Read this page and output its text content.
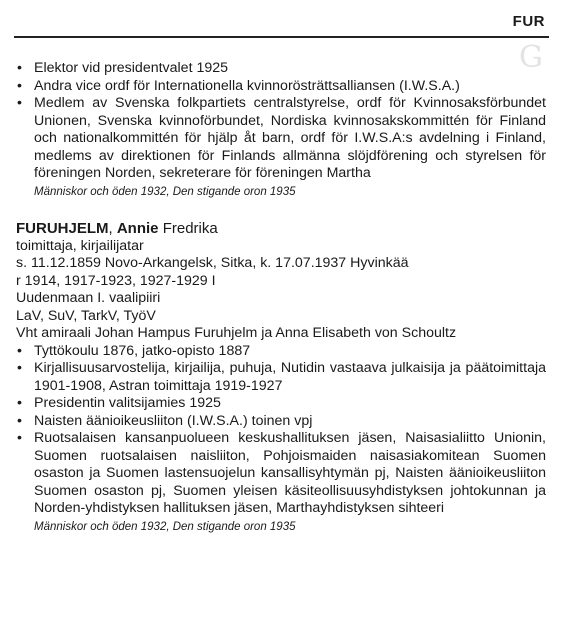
FUR
G
• Elektor vid presidentvalet 1925
• Andra vice ordf för Internationella kvinnorösträttsalliansen (I.W.S.A.)
• Medlem av Svenska folkpartiets centralstyrelse, ordf för Kvinnosaksförbundet Unionen, Svenska kvinnoförbundet, Nordiska kvinnosakskommittén för Finland och nationalkommittén för hjälp åt barn, ordf för I.W.S.A:s avdelning i Finland, medlems av direktionen för Finlands allmänna slöjdförening och styrelsen för föreningen Norden, sekreterare för föreningen Martha
Människor och öden 1932, Den stigande oron 1935
FURUHJELM, Annie Fredrika
toimittaja, kirjailijatar
s. 11.12.1859 Novo-Arkangelsk, Sitka, k. 17.07.1937 Hyvinkää
r 1914, 1917-1923, 1927-1929 I
Uudenmaan I. vaalipiiri
LaV, SuV, TarkV, TyöV
Vht amiraali Johan Hampus Furuhjelm ja Anna Elisabeth von Schoultz
• Tyttökoulu 1876, jatko-opisto 1887
• Kirjallisuusarvostelija, kirjailija, puhuja, Nutidin vastaava julkaisija ja päätoimittaja 1901-1908, Astran toimittaja 1919-1927
• Presidentin valitsijamies 1925
• Naisten äänioikeusliiton (I.W.S.A.) toinen vpj
• Ruotsalaisen kansanpuolueen keskushallituksen jäsen, Naisasialiitto Unionin, Suomen ruotsalaisen naisliiton, Pohjoismaiden naisasiakomitean Suomen osaston ja Suomen lastensuojelun kansallisyhtymän pj, Naisten äänioikeusliiton Suomen osaston pj, Suomen yleisen käsiteollisuusyhdistyksen johtokunnan ja Norden-yhdistyksen hallituksen jäsen, Marthayhdistyksen sihteeri
Människor och öden 1932, Den stigande oron 1935
